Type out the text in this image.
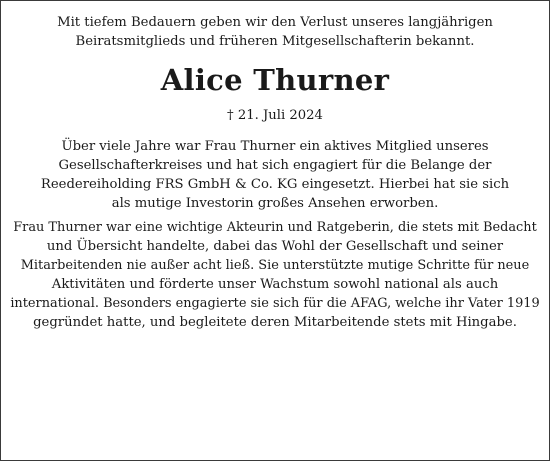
Mit tiefem Bedauern geben wir den Verlust unseres langjährigen
Beiratsmitglieds und früheren Mitgesellschafterin bekannt.
Alice Thurner
† 21. Juli 2024
Über viele Jahre war Frau Thurner ein aktives Mitglied unseres
Gesellschafterkreises und hat sich engagiert für die Belange der
Reedereiholding FRS GmbH & Co. KG eingesetzt. Hierbei hat sie sich
als mutige Investorin großes Ansehen erworben.
Frau Thurner war eine wichtige Akteurin und Ratgeberin, die stets mit Bedacht
und Übersicht handelte, dabei das Wohl der Gesellschaft und seiner
Mitarbeitenden nie außer acht ließ. Sie unterstützte mutige Schritte für neue
Aktivitäten und förderte unser Wachstum sowohl national als auch
international. Besonders engagierte sie sich für die AFAG, welche ihr Vater 1919
gegründet hatte, und begleitete deren Mitarbeitende stets mit Hingabe.
